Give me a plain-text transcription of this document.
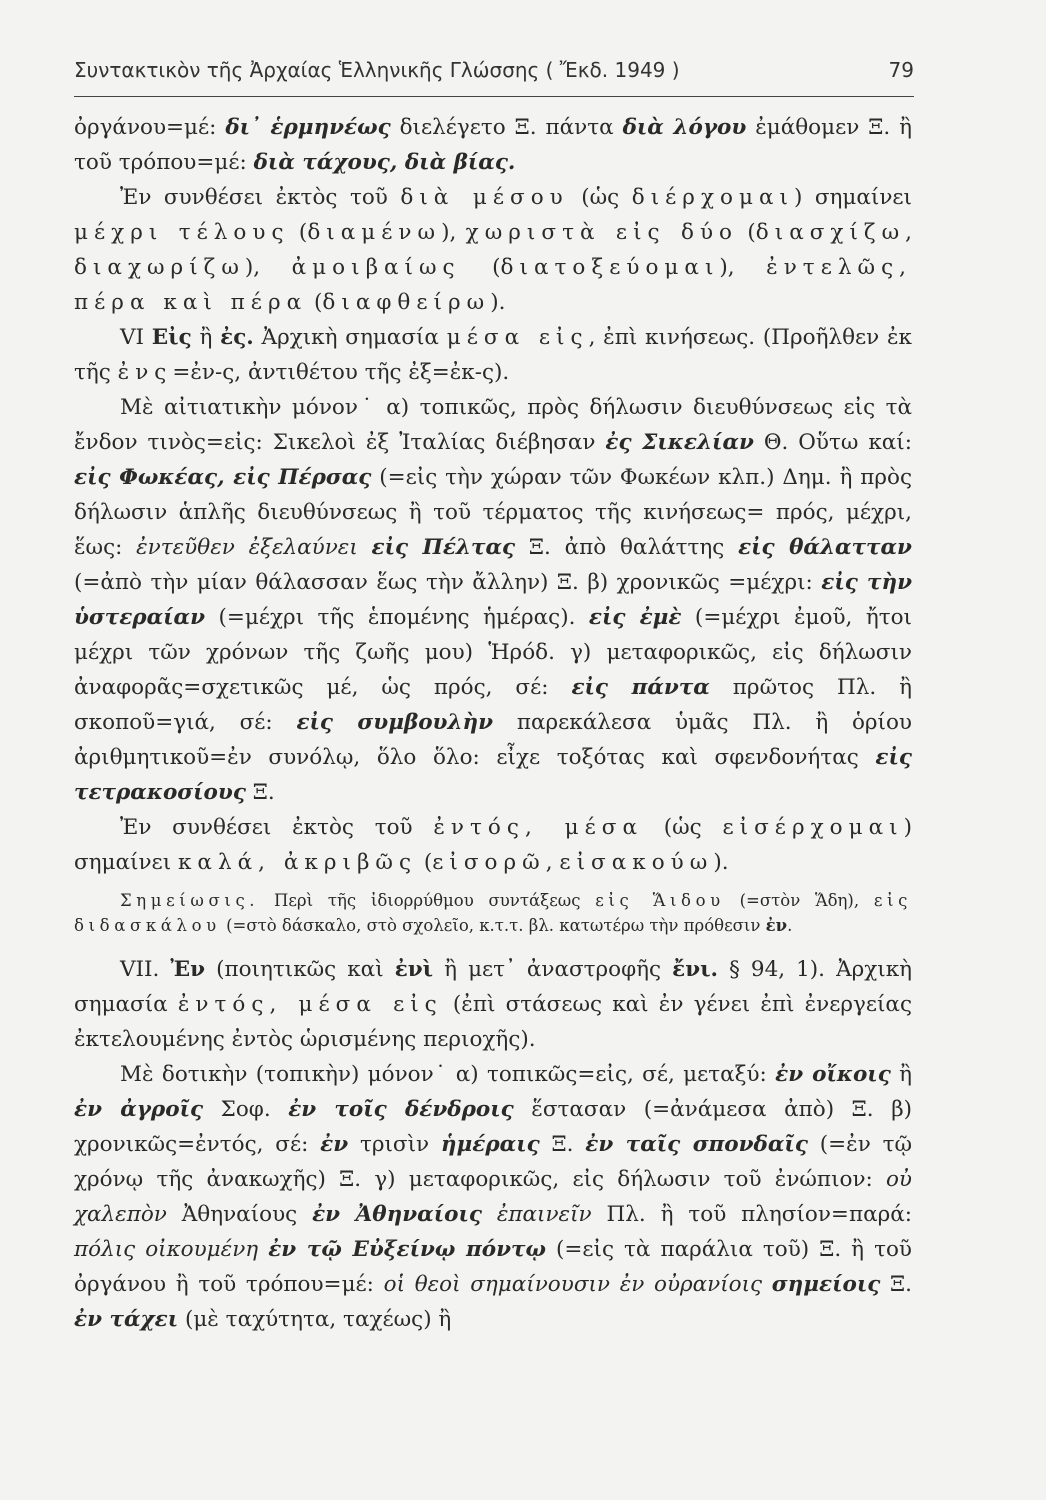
Συντακτικὸν τῆς Ἀρχαίας Ἑλληνικῆς Γλώσσης ( Ἔκδ. 1949 )	79

ὀργάνου=μέ: δι᾽ ἑρμηνέως διελέγετο Ξ. πάντα διὰ λόγου ἐμάθομεν Ξ. ἢ τοῦ τρόπου=μέ: διὰ τάχους, διὰ βίας.

Ἐν συνθέσει ἐκτὸς τοῦ διὰ μέσου (ὡς διέρχομαι) σημαίνει μέχρι τέλους (διαμένω), χωριστὰ εἰς δύο (διασχίζω, διαχωρίζω), ἀμοιβαίως (διατοξεύομαι), ἐντελῶς, πέρα καὶ πέρα (διαφθείρω).

VI Εἰς ἢ ἐς. Ἀρχικὴ σημασία μέσα εἰς, ἐπὶ κινήσεως. (Προῆλθεν ἐκ τῆς ἐνς=ἐν-ς, ἀντιθέτου τῆς ἐξ=ἐκ-ς).

Μὲ αἰτιατικὴν μόνον˙ α) τοπικῶς, πρὸς δήλωσιν διευθύνσεως εἰς τὰ ἔνδον τινὸς=εἰς: Σικελοὶ ἐξ Ἰταλίας διέβησαν ἐς Σικελίαν Θ. Οὕτω καί: εἰς Φωκέας, εἰς Πέρσας (=εἰς τὴν χώραν τῶν Φωκέων κλπ.) Δημ. ἢ πρὸς δήλωσιν ἁπλῆς διευθύνσεως ἢ τοῦ τέρματος τῆς κινήσεως= πρός, μέχρι, ἕως: ἐντεῦθεν ἐξελαύνει εἰς Πέλτας Ξ. ἀπὸ θαλάττης εἰς θάλατταν (=ἀπὸ τὴν μίαν θάλασσαν ἕως τὴν ἄλλην) Ξ. β) χρονικῶς =μέχρι: εἰς τὴν ὑστεραίαν (=μέχρι τῆς ἑπομένης ἡμέρας). εἰς ἐμὲ (=μέχρι ἐμοῦ, ἤτοι μέχρι τῶν χρόνων τῆς ζωῆς μου) Ἡρόδ. γ) μεταφορικῶς, εἰς δήλωσιν ἀναφορᾶς=σχετικῶς μέ, ὡς πρός, σέ: εἰς πάντα πρῶτος Πλ. ἢ σκοποῦ=γιά, σέ: εἰς συμβουλὴν παρεκάλεσα ὑμᾶς Πλ. ἢ ὁρίου ἀριθμητικοῦ=ἐν συνόλῳ, ὅλο ὅλο: εἶχε τοξότας καὶ σφενδονήτας εἰς τετρακοσίους Ξ.

Ἐν συνθέσει ἐκτὸς τοῦ ἐντός, μέσα (ὡς εἰσέρχομαι) σημαίνει καλά, ἀκριβῶς (εἰσορῶ, εἰσακούω).

Σημείωσις. Περὶ τῆς ἰδιορρύθμου συντάξεως εἰς Ἅιδου (=στὸν Ἅδη), εἰς διδασκάλου (=στὸ δάσκαλο, στὸ σχολεῖο, κ.τ.τ. βλ. κατωτέρω τὴν πρόθεσιν ἐν.

VII. Ἐν (ποιητικῶς καὶ ἐνὶ ἢ μετ᾽ ἀναστροφῆς ἔνι. § 94, 1). Ἀρχικὴ σημασία ἐντός, μέσα εἰς (ἐπὶ στάσεως καὶ ἐν γένει ἐπὶ ἐνεργείας ἐκτελουμένης ἐντὸς ὡρισμένης περιοχῆς).

Μὲ δοτικὴν (τοπικὴν) μόνον˙ α) τοπικῶς=εἰς, σέ, μεταξύ: ἐν οἴκοις ἢ ἐν ἀγροῖς Σοφ. ἐν τοῖς δένδροις ἕστασαν (=ἀνάμεσα ἀπὸ) Ξ. β) χρονικῶς=ἐντός, σέ: ἐν τρισὶν ἡμέραις Ξ. ἐν ταῖς σπονδαῖς (=ἐν τῷ χρόνῳ τῆς ἀνακωχῆς) Ξ. γ) μεταφορικῶς, εἰς δήλωσιν τοῦ ἐνώπιον: οὐ χαλεπὸν Ἀθηναίους ἐν Ἀθηναίοις ἐπαινεῖν Πλ. ἢ τοῦ πλησίον=παρά: πόλις οἰκουμένη ἐν τῷ Εὐξείνῳ πόντῳ (=εἰς τὰ παράλια τοῦ) Ξ. ἢ τοῦ ὀργάνου ἢ τοῦ τρόπου=μέ: οἱ θεοὶ σημαίνουσιν ἐν οὐρανίοις σημείοις Ξ. ἐν τάχει (μὲ ταχύτητα, ταχέως) ἢ
